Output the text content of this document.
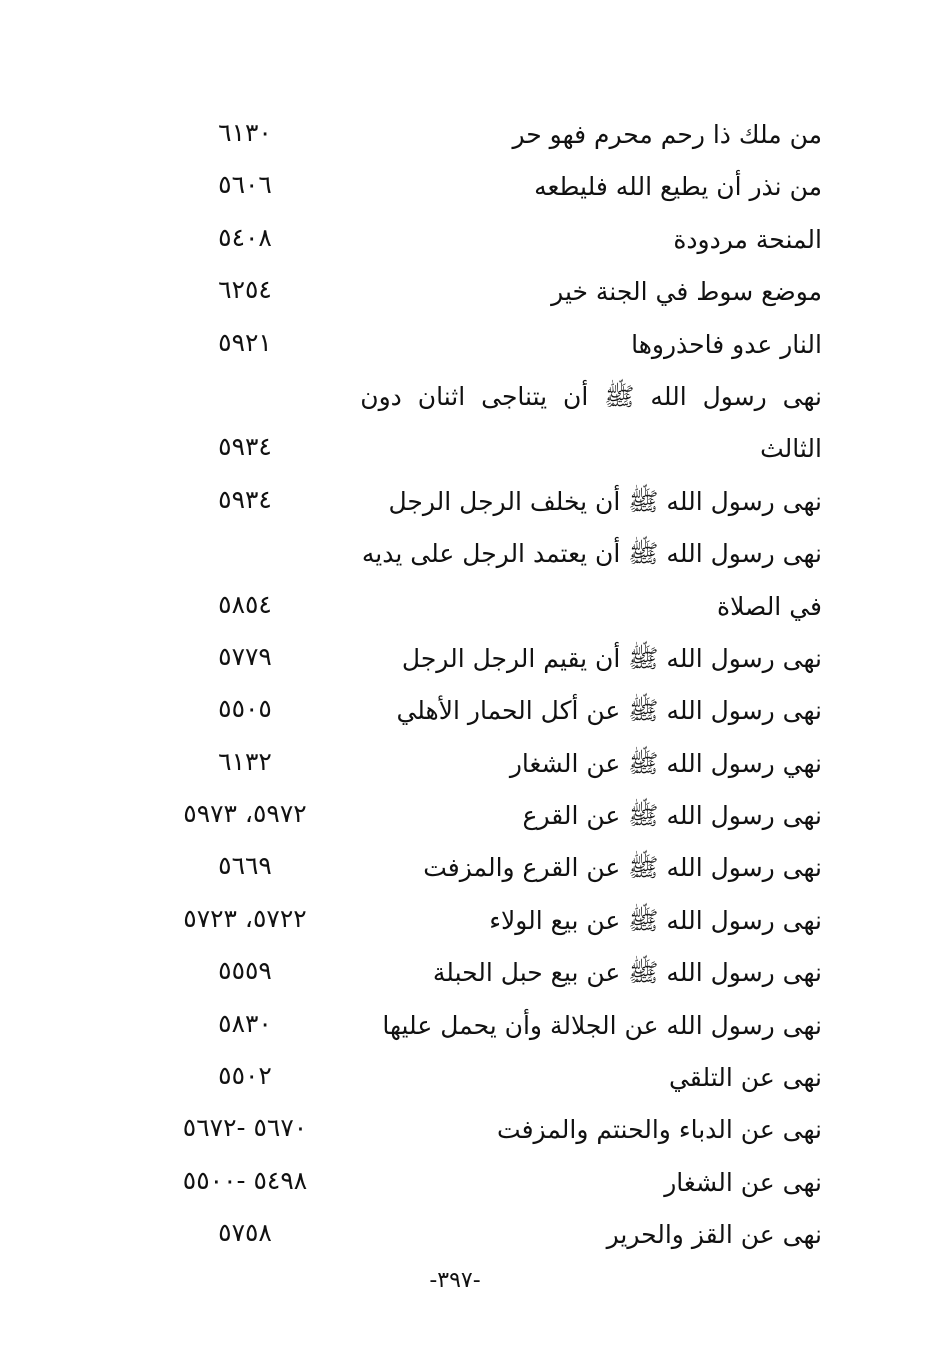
من ملك ذا رحم محرم فهو حر
٦١٣٠
من نذر أن يطيع الله فليطعه
٥٦٠٦
المنحة مردودة
٥٤٠٨
موضع سوط في الجنة خير
٦٢٥٤
النار عدو فاحذروها
٥٩٢١
نهى رسول الله ﷺ أن يتناجى اثنان دون
الثالث
٥٩٣٤
نهى رسول الله ﷺ أن يخلف الرجل الرجل
٥٩٣٤
نهى رسول الله ﷺ أن يعتمد الرجل على يديه
في الصلاة
٥٨٥٤
نهى رسول الله ﷺ أن يقيم الرجل الرجل
٥٧٧٩
نهى رسول الله ﷺ عن أكل الحمار الأهلي
٥٥٠٥
نهي رسول الله ﷺ عن الشغار
٦١٣٢
نهى رسول الله ﷺ عن القرع
٥٩٧٢، ٥٩٧٣
نهى رسول الله ﷺ عن القرع والمزفت
٥٦٦٩
نهى رسول الله ﷺ عن بيع الولاء
٥٧٢٢، ٥٧٢٣
نهى رسول الله ﷺ عن بيع حبل الحبلة
٥٥٥٩
نهى رسول الله عن الجلالة وأن يحمل عليها
٥٨٣٠
نهى عن التلقي
٥٥٠٢
نهى عن الدباء والحنتم والمزفت
٥٦٧٠ -٥٦٧٢
نهى عن الشغار
٥٤٩٨ -٥٥٠٠
نهى عن القز والحرير
٥٧٥٨
-٣٩٧-
